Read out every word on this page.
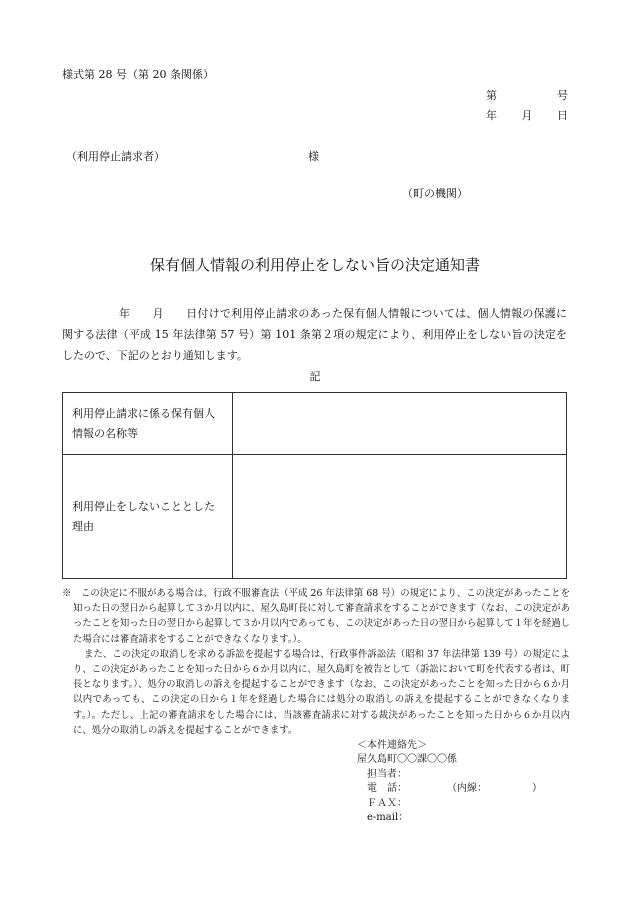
様式第 28 号（第 20 条関係）
第	号
年 月 日
（利用停止請求者）	様
（町の機関）
保有個人情報の利用停止をしない旨の決定通知書
年　　月　　日付けで利用停止請求のあった保有個人情報については、個人情報の保護に関する法律（平成 15 年法律第 57 号）第 101 条第２項の規定により、利用停止をしない旨の決定をしたので、下記のとおり通知します。
記
利用停止請求に係る保有個人
情報の名称等	
利用停止をしないこととした
理由	

※　この決定に不服がある場合は、行政不服審査法（平成 26 年法律第 68 号）の規定により、この決定があったことを知った日の翌日から起算して３か月以内に、屋久島町長に対して審査請求をすることができます（なお、この決定があったことを知った日の翌日から起算して３か月以内であっても、この決定があった日の翌日から起算して１年を経過した場合には審査請求をすることができなくなります。）。

また、この決定の取消しを求める訴訟を提起する場合は、行政事件訴訟法（昭和 37 年法律第 139 号）の規定により、この決定があったことを知った日から６か月以内に、屋久島町を被告として（訴訟において町を代表する者は、町長となります。）、処分の取消しの訴えを提起することができます（なお、この決定があったことを知った日から６か月以内であっても、この決定の日から１年を経過した場合には処分の取消しの訴えを提起することができなくなります。）。ただし、上記の審査請求をした場合には、当該審査請求に対する裁決があったことを知った日から６か月以内に、処分の取消しの訴えを提起することができます。

＜本件連絡先＞
屋久島町〇〇課〇〇係
　担当者：
　電　話：　　　　　（内線：　　　　　）
　ＦＡＸ：
　e-mail：
